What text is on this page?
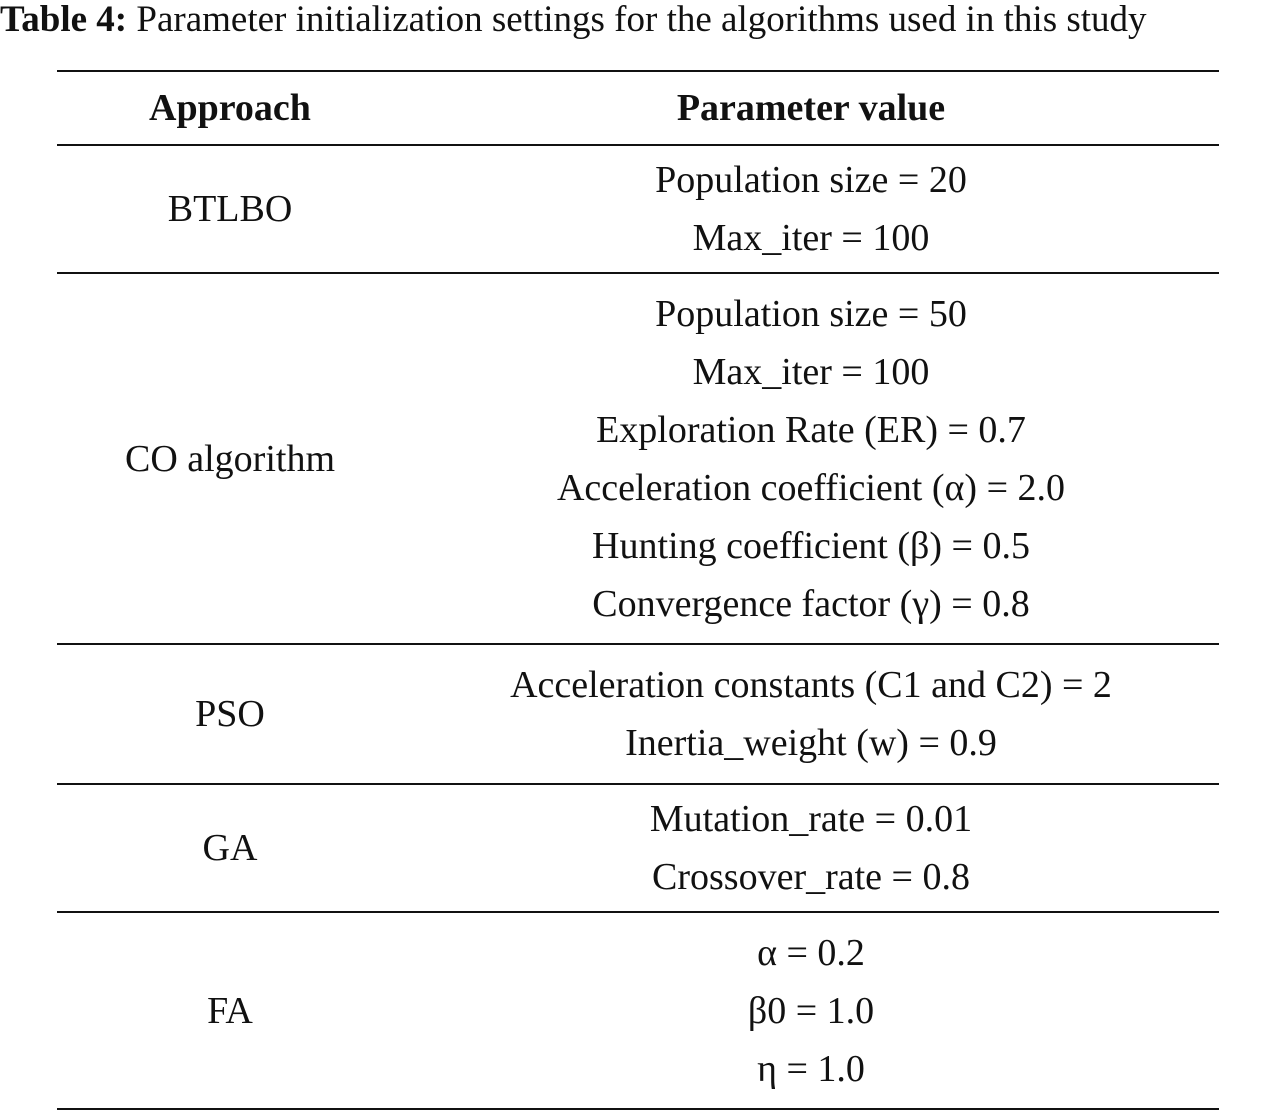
Table 4: Parameter initialization settings for the algorithms used in this study
Approach	Parameter value
BTLBO
Population size = 20
Max_iter = 100
CO algorithm
Population size = 50
Max_iter = 100
Exploration Rate (ER) = 0.7
Acceleration coefficient (α) = 2.0
Hunting coefficient (β) = 0.5
Convergence factor (γ) = 0.8
PSO
Acceleration constants (C1 and C2) = 2
Inertia_weight (w) = 0.9
GA
Mutation_rate = 0.01
Crossover_rate = 0.8
FA
α = 0.2
β0 = 1.0
η = 1.0
